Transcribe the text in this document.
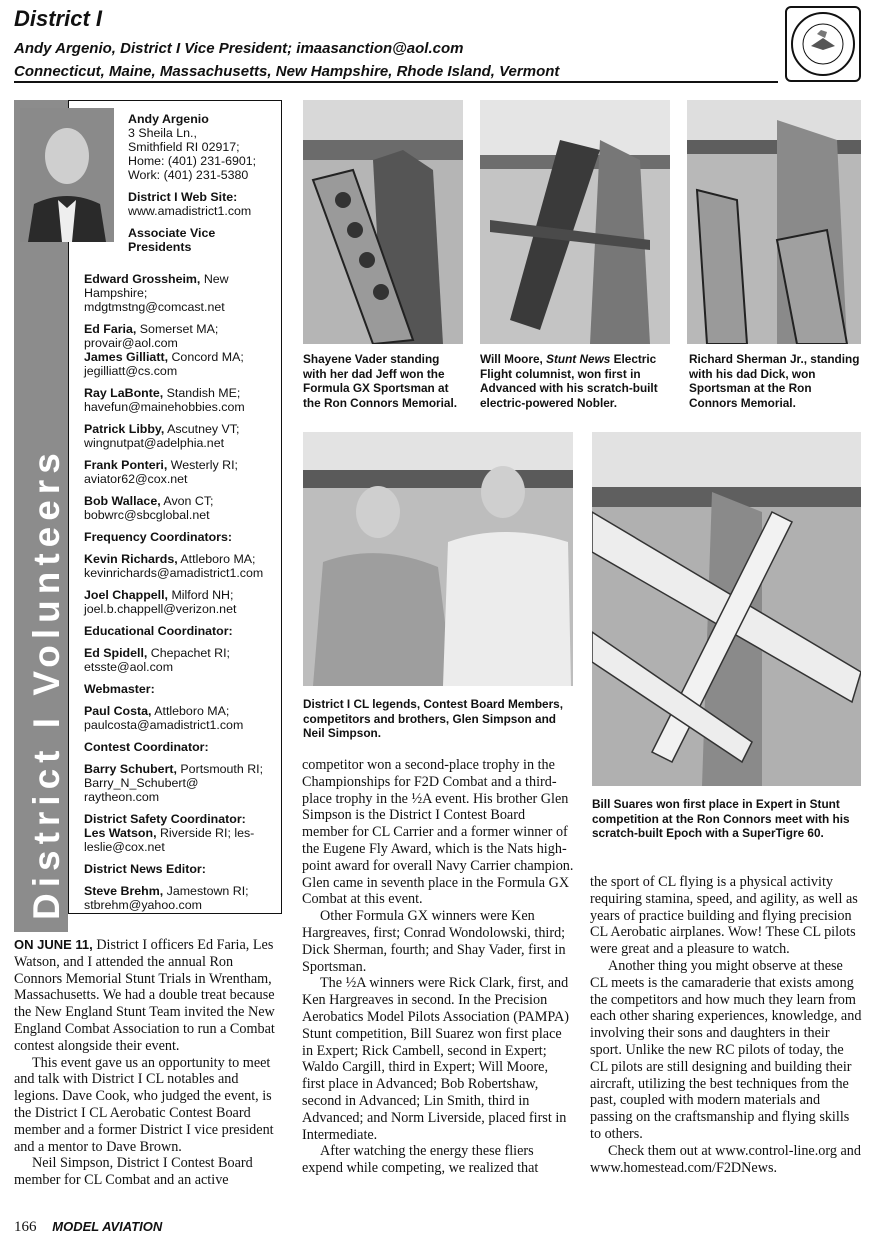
District I
Andy Argenio, District I Vice President; imaasanction@aol.com
Connecticut, Maine, Massachusetts, New Hampshire, Rhode Island, Vermont
District I Volunteers
Andy Argenio
3 Sheila Ln.,
Smithfield RI 02917;
Home: (401) 231-6901;
Work: (401) 231-5380
District I Web Site:
www.amadistrict1.com
Associate Vice
Presidents
Edward Grossheim, New Hampshire;
mdgtmstng@comcast.net
Ed Faria, Somerset MA;
provair@aol.com
James Gilliatt, Concord MA;
jegilliatt@cs.com
Ray LaBonte, Standish ME;
havefun@mainehobbies.com
Patrick Libby, Ascutney VT;
wingnutpat@adelphia.net
Frank Ponteri, Westerly RI;
aviator62@cox.net
Bob Wallace, Avon CT;
bobwrc@sbcglobal.net
Frequency Coordinators:
Kevin Richards, Attleboro MA;
kevinrichards@amadistrict1.com
Joel Chappell, Milford NH;
joel.b.chappell@verizon.net
Educational Coordinator:
Ed Spidell, Chepachet RI;
etsste@aol.com
Webmaster:
Paul Costa, Attleboro MA;
paulcosta@amadistrict1.com
Contest Coordinator:
Barry Schubert, Portsmouth RI;
Barry_N_Schubert@
raytheon.com
District Safety Coordinator:
Les Watson, Riverside RI; les-
leslie@cox.net
District News Editor:
Steve Brehm, Jamestown RI;
stbrehm@yahoo.com
Shayene Vader standing with her dad Jeff won the Formula GX Sportsman at the Ron Connors Memorial.
Will Moore, Stunt News Electric Flight columnist, won first in Advanced with his scratch-built electric-powered Nobler.
Richard Sherman Jr., standing with his dad Dick, won Sportsman at the Ron Connors Memorial.
District I CL legends, Contest Board Members, competitors and brothers, Glen Simpson and Neil Simpson.
Bill Suares won first place in Expert in Stunt competition at the Ron Connors meet with his scratch-built Epoch with a SuperTigre 60.

ON JUNE 11, District I officers Ed Faria, Les Watson, and I attended the annual Ron Connors Memorial Stunt Trials in Wrentham, Massachusetts. We had a double treat because the New England Stunt Team invited the New England Combat Association to run a Combat contest alongside their event.

This event gave us an opportunity to meet and talk with District I CL notables and legions. Dave Cook, who judged the event, is the District I CL Aerobatic Contest Board member and a former District I vice president and a mentor to Dave Brown.

Neil Simpson, District I Contest Board member for CL Combat and an active

competitor won a second-place trophy in the Championships for F2D Combat and a third-place trophy in the ½A event. His brother Glen Simpson is the District I Contest Board member for CL Carrier and a former winner of the Eugene Fly Award, which is the Nats high-point award for overall Navy Carrier champion. Glen came in seventh place in the Formula GX Combat at this event.

Other Formula GX winners were Ken Hargreaves, first; Conrad Wondolowski, third; Dick Sherman, fourth; and Shay Vader, first in Sportsman.

The ½A winners were Rick Clark, first, and Ken Hargreaves in second. In the Precision Aerobatics Model Pilots Association (PAMPA) Stunt competition, Bill Suarez won first place in Expert; Rick Cambell, second in Expert; Waldo Cargill, third in Expert; Will Moore, first place in Advanced; Bob Robertshaw, second in Advanced; Lin Smith, third in Advanced; and Norm Liverside, placed first in Intermediate.

After watching the energy these fliers expend while competing, we realized that

the sport of CL flying is a physical activity requiring stamina, speed, and agility, as well as years of practice building and flying precision CL Aerobatic airplanes. Wow! These CL pilots were great and a pleasure to watch.

Another thing you might observe at these CL meets is the camaraderie that exists among the competitors and how much they learn from each other sharing experiences, knowledge, and involving their sons and daughters in their sport. Unlike the new RC pilots of today, the CL pilots are still designing and building their aircraft, utilizing the best techniques from the past, coupled with modern materials and passing on the craftsmanship and flying skills to others.

Check them out at www.control-line.org and www.homestead.com/F2DNews.

166 MODEL AVIATION
